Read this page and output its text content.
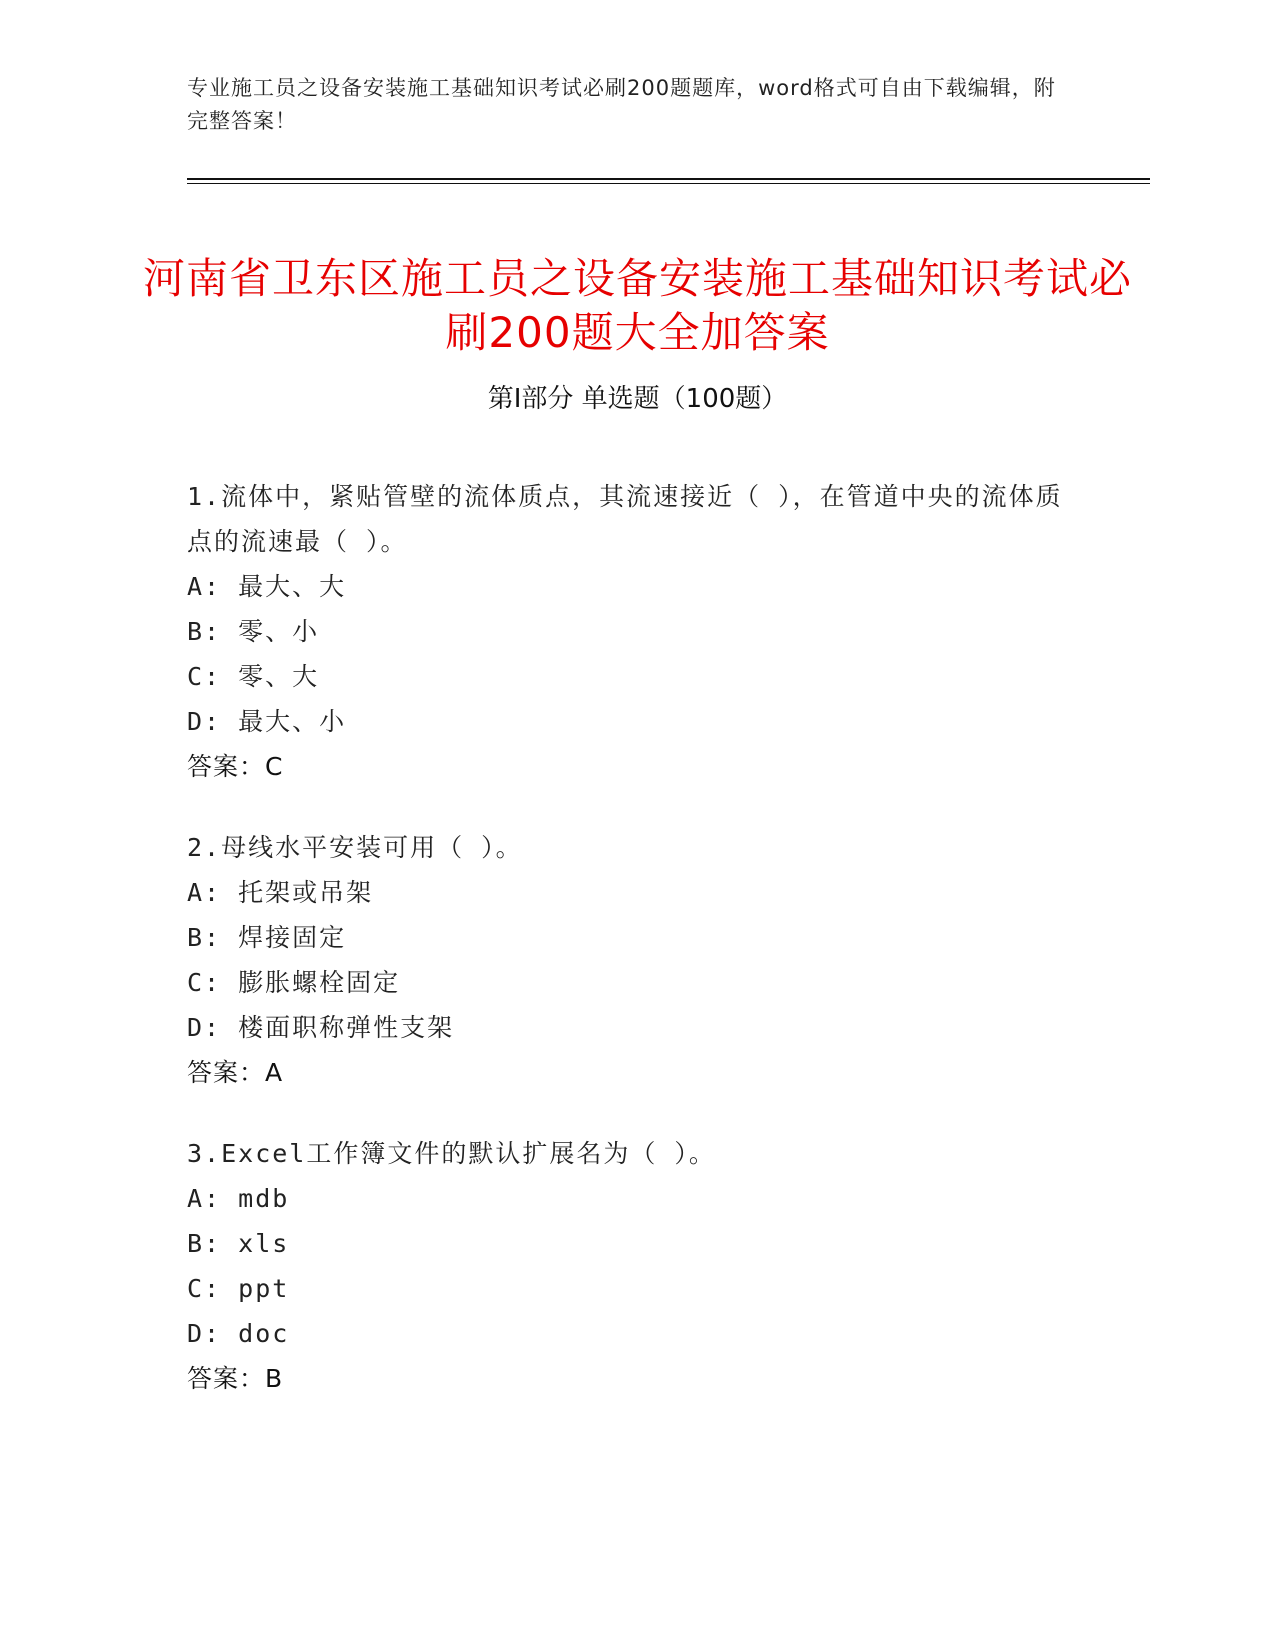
专业施工员之设备安装施工基础知识考试必刷200题题库，word格式可自由下载编辑，附完整答案！
河南省卫东区施工员之设备安装施工基础知识考试必刷200题大全加答案
第Ⅰ部分 单选题（100题）

1.流体中，紧贴管壁的流体质点，其流速接近（ ），在管道中央的流体质点的流速最（ ）。

A: 最大、大
B: 零、小
C: 零、大
D: 最大、小
答案：C

2.母线水平安装可用（ ）。

A: 托架或吊架
B: 焊接固定
C: 膨胀螺栓固定
D: 楼面职称弹性支架
答案：A

3.Excel工作簿文件的默认扩展名为（ ）。

A: mdb
B: xls
C: ppt
D: doc
答案：B
